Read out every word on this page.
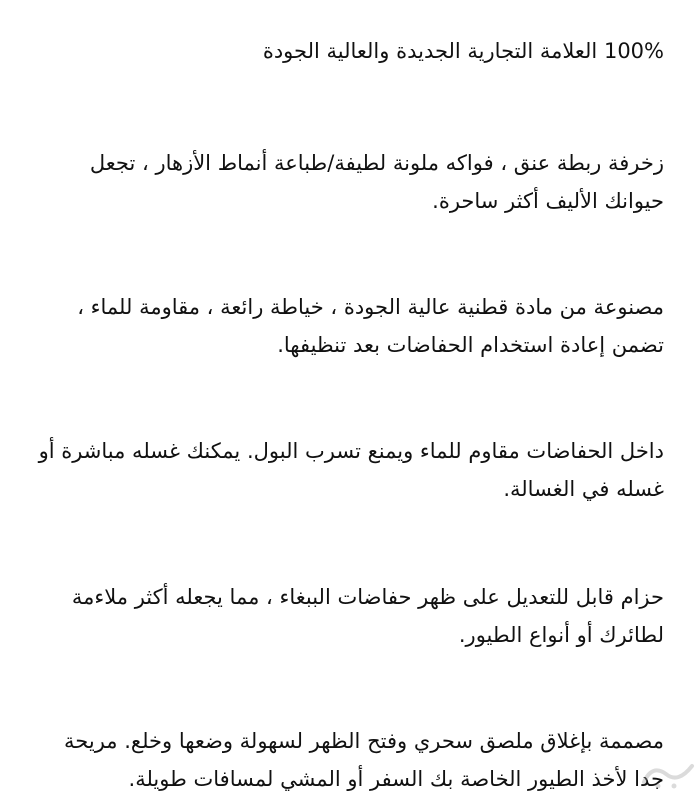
100% العلامة التجارية الجديدة والعالية الجودة
زخرفة ربطة عنق ، فواكه ملونة لطيفة/طباعة أنماط الأزهار ، تجعل
حيوانك الأليف أكثر ساحرة.
مصنوعة من مادة قطنية عالية الجودة ، خياطة رائعة ، مقاومة للماء ،
تضمن إعادة استخدام الحفاضات بعد تنظيفها.
داخل الحفاضات مقاوم للماء ويمنع تسرب البول. يمكنك غسله مباشرة أو
غسله في الغسالة.
حزام قابل للتعديل على ظهر حفاضات الببغاء ، مما يجعله أكثر ملاءمة
لطائرك أو أنواع الطيور.
مصممة بإغلاق ملصق سحري وفتح الظهر لسهولة وضعها وخلع. مريحة
جدا لأخذ الطيور الخاصة بك السفر أو المشي لمسافات طويلة.
